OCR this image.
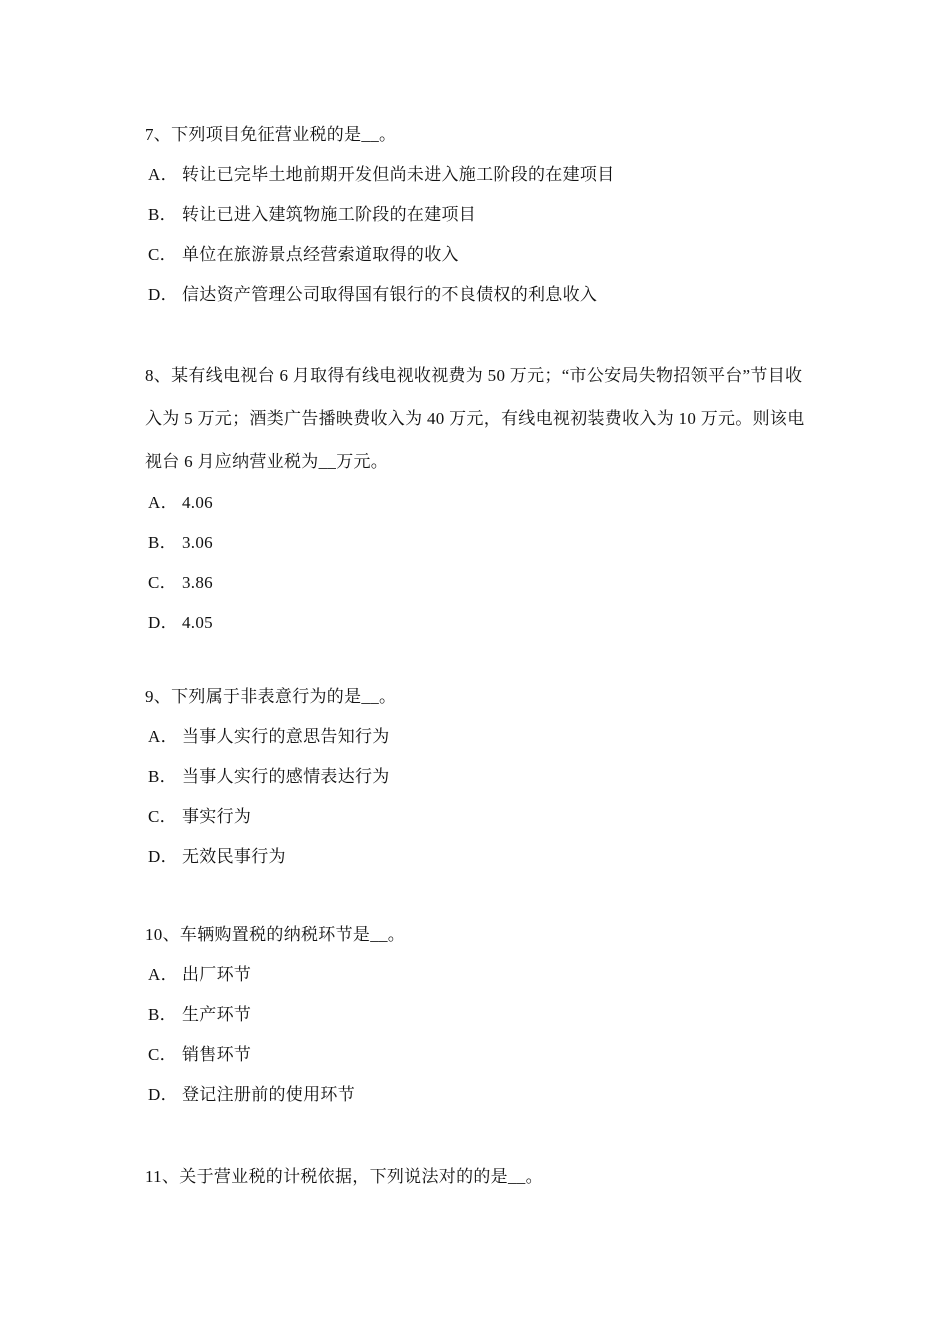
7、下列项目免征营业税的是__。

A． 转让已完毕土地前期开发但尚未进入施工阶段的在建项目
B． 转让已进入建筑物施工阶段的在建项目
C． 单位在旅游景点经营索道取得的收入
D． 信达资产管理公司取得国有银行的不良债权的利息收入

8、某有线电视台 6 月取得有线电视收视费为 50 万元；“市公安局失物招领平台”节目收入为 5 万元；酒类广告播映费收入为 40 万元，有线电视初装费收入为 10 万元。则该电视台 6 月应纳营业税为__万元。

A． 4.06
B． 3.06
C． 3.86
D． 4.05

9、下列属于非表意行为的是__。

A． 当事人实行的意思告知行为
B． 当事人实行的感情表达行为
C． 事实行为
D． 无效民事行为

10、车辆购置税的纳税环节是__。

A． 出厂环节
B． 生产环节
C． 销售环节
D． 登记注册前的使用环节

11、关于营业税的计税依据，下列说法对的的是__。
